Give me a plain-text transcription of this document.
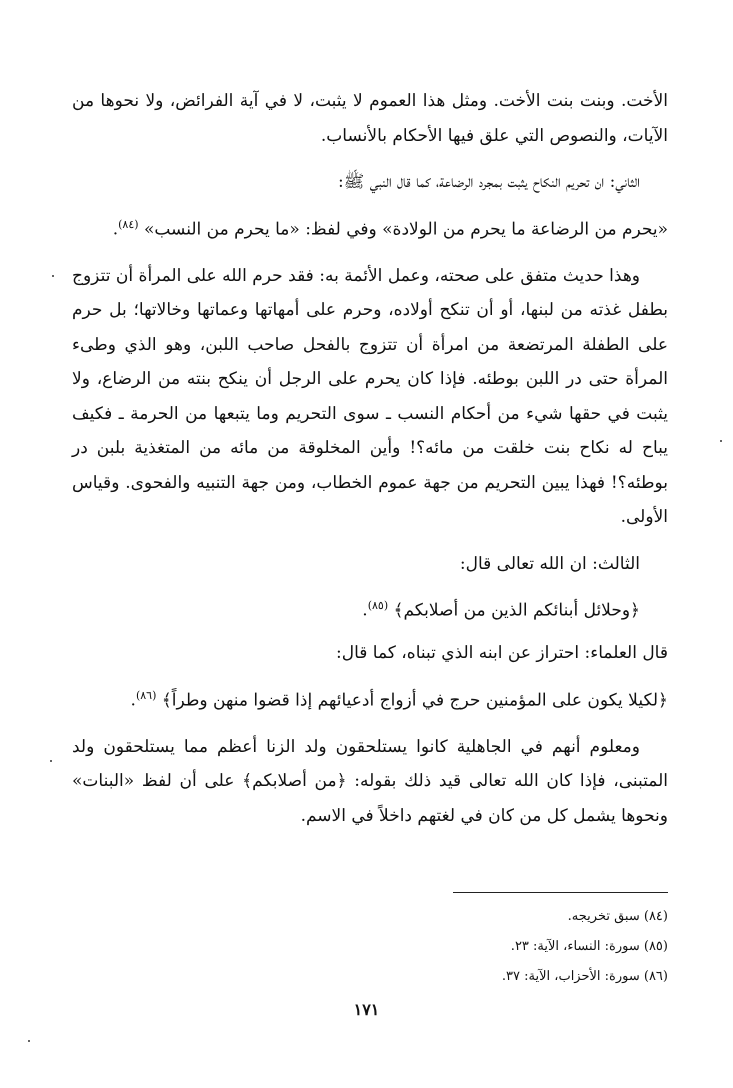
الأخت. وبنت بنت الأخت. ومثل هذا العموم لا يثبت، لا في آية الفرائض، ولا نحوها من الآيات، والنصوص التي علق فيها الأحكام بالأنساب.

الثاني: ان تحريم النكاح يثبت بمجرد الرضاعة، كما قال النبي ﷺ:

«يحرم من الرضاعة ما يحرم من الولادة» وفي لفظ: «ما يحرم من النسب» $^{(٨٤)}$.

وهذا حديث متفق على صحته، وعمل الأئمة به: فقد حرم الله على المرأة أن تتزوج بطفل غذته من لبنها، أو أن تنكح أولاده، وحرم على أمهاتها وعماتها وخالاتها؛ بل حرم على الطفلة المرتضعة من امرأة أن تتزوج بالفحل صاحب اللبن، وهو الذي وطىء المرأة حتى در اللبن بوطئه. فإذا كان يحرم على الرجل أن ينكح بنته من الرضاع، ولا يثبت في حقها شيء من أحكام النسب ـ سوى التحريم وما يتبعها من الحرمة ـ فكيف يباح له نكاح بنت خلقت من مائه؟! وأين المخلوقة من مائه من المتغذية بلبن در بوطئه؟! فهذا يبين التحريم من جهة عموم الخطاب، ومن جهة التنبيه والفحوى. وقياس الأولى.

الثالث: ان الله تعالى قال:

﴿وحلائل أبنائكم الذين من أصلابكم﴾ $^{(٨٥)}$.

قال العلماء: احتراز عن ابنه الذي تبناه، كما قال:

﴿لكيلا يكون على المؤمنين حرج في أزواج أدعيائهم إذا قضوا منهن وطراً﴾ $^{(٨٦)}$.

ومعلوم أنهم في الجاهلية كانوا يستلحقون ولد الزنا أعظم مما يستلحقون ولد المتبنى، فإذا كان الله تعالى قيد ذلك بقوله: ﴿من أصلابكم﴾ على أن لفظ «البنات» ونحوها يشمل كل من كان في لغتهم داخلاً في الاسم.

(٨٤) سبق تخريجه.
(٨٥) سورة: النساء، الآية: ٢٣.
(٨٦) سورة: الأحزاب، الآية: ٣٧.
١٧١
